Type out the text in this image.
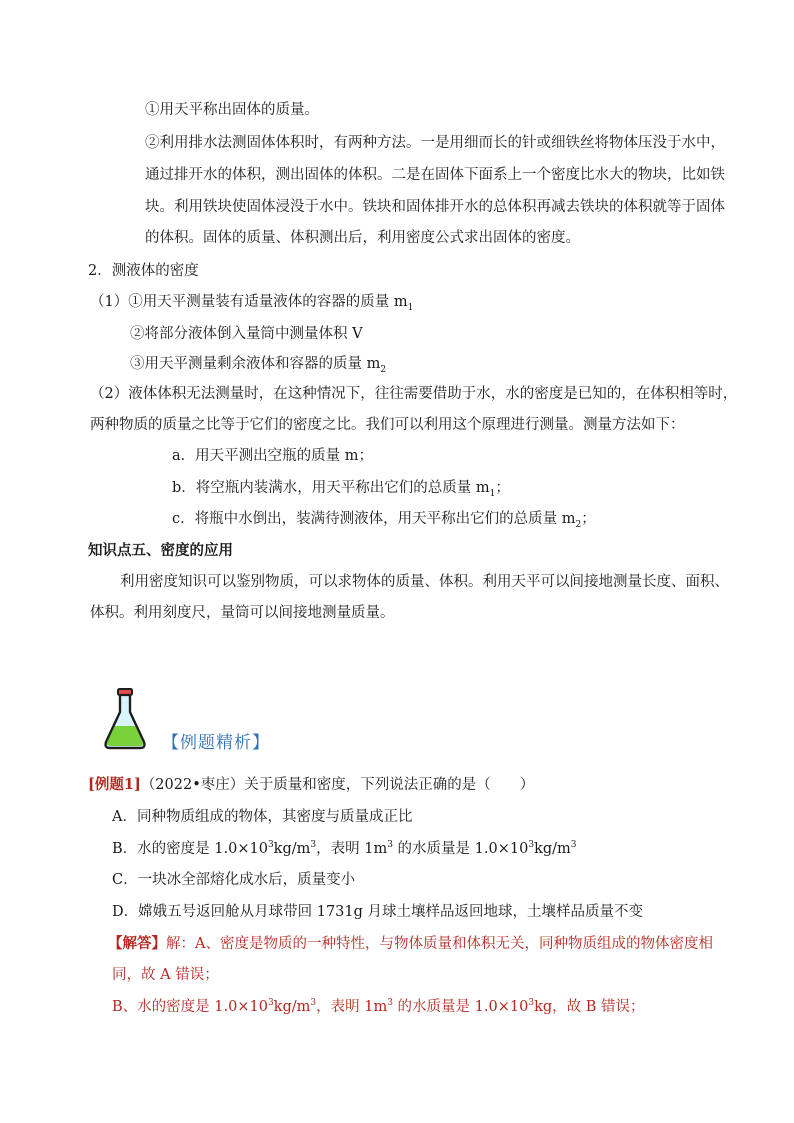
①用天平称出固体的质量。
②利用排水法测固体体积时，有两种方法。一是用细而长的针或细铁丝将物体压没于水中，
通过排开水的体积，测出固体的体积。二是在固体下面系上一个密度比水大的物块，比如铁
块。利用铁块使固体浸没于水中。铁块和固体排开水的总体积再减去铁块的体积就等于固体
的体积。固体的质量、体积测出后，利用密度公式求出固体的密度。
2．测液体的密度
（1）①用天平测量装有适量液体的容器的质量 $m_1$
②将部分液体倒入量筒中测量体积 V
③用天平测量剩余液体和容器的质量 $m_2$
（2）液体体积无法测量时，在这种情况下，往往需要借助于水，水的密度是已知的，在体积相等时，
两种物质的质量之比等于它们的密度之比。我们可以利用这个原理进行测量。测量方法如下：
a．用天平测出空瓶的质量 m；
b．将空瓶内装满水，用天平称出它们的总质量 $m_1$；
c．将瓶中水倒出，装满待测液体，用天平称出它们的总质量 $m_2$；
知识点五、密度的应用
利用密度知识可以鉴别物质，可以求物体的质量、体积。利用天平可以间接地测量长度、面积、
体积。利用刻度尺，量筒可以间接地测量质量。
【例题精析】
[例题1]（2022•枣庄）关于质量和密度，下列说法正确的是（　　）
A．同种物质组成的物体，其密度与质量成正比
B．水的密度是 $1.0\times 10^3kg/m^3$，表明 $1m^3$ 的水质量是 $1.0\times 10^3kg/m^3$
C．一块冰全部熔化成水后，质量变小
D．嫦娥五号返回舱从月球带回 1731g 月球土壤样品返回地球，土壤样品质量不变
【解答】解：A、密度是物质的一种特性，与物体质量和体积无关，同种物质组成的物体密度相
同，故 A 错误；
B、水的密度是 $1.0\times 10^3kg/m^3$，表明 $1m^3$ 的水质量是 $1.0\times 10^3kg$，故 B 错误；
